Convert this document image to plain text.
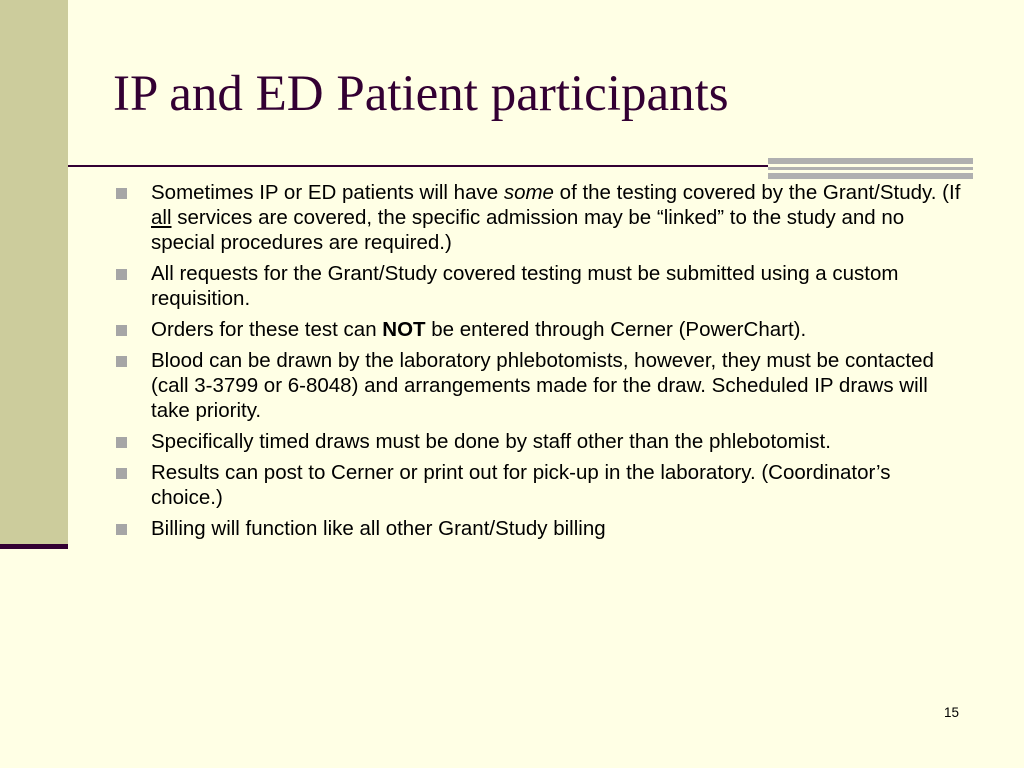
IP and ED Patient participants
Sometimes IP or ED patients will have some of the testing covered by the Grant/Study. (If all services are covered, the specific admission may be “linked” to the study and no special procedures are required.)
All requests for the Grant/Study covered testing must be submitted using a custom requisition.
Orders for these test can NOT be entered through Cerner (PowerChart).
Blood can be drawn by the laboratory phlebotomists, however, they must be contacted (call 3-3799 or 6-8048) and arrangements made for the draw. Scheduled IP draws will take priority.
Specifically timed draws must be done by staff other than the phlebotomist.
Results can post to Cerner or print out for pick-up in the laboratory. (Coordinator’s choice.)
Billing will function like all other Grant/Study billing
15
